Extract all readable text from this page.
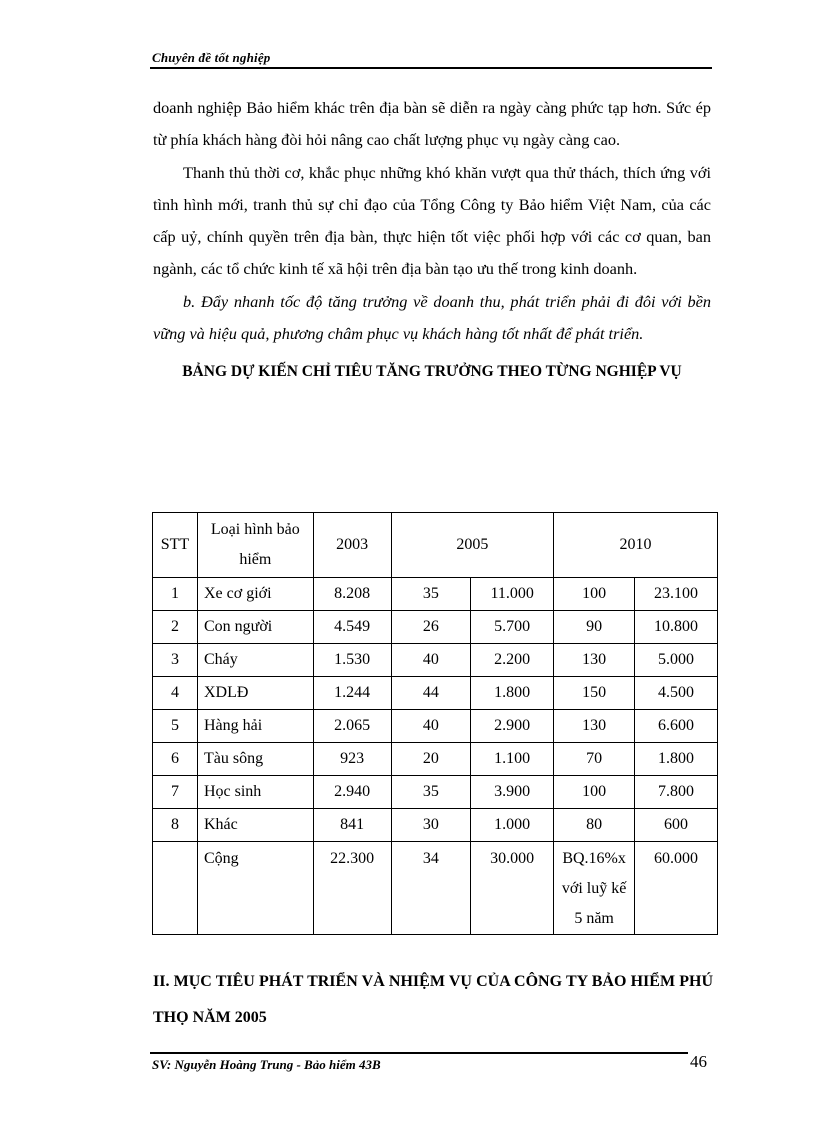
Chuyên đề tốt nghiệp

doanh nghiệp Bảo hiểm khác trên địa bàn sẽ diễn ra ngày càng phức tạp hơn. Sức ép từ phía khách hàng đòi hỏi nâng cao chất lượng phục vụ ngày càng cao.

Thanh thủ thời cơ, khắc phục những khó khăn vượt qua thử thách, thích ứng với tình hình mới, tranh thủ sự chỉ đạo của Tổng Công ty Bảo hiểm Việt Nam, của các cấp uỷ, chính quyền trên địa bàn, thực hiện tốt việc phối hợp với các cơ quan, ban ngành, các tổ chức kinh tế xã hội trên địa bàn tạo ưu thế trong kinh doanh.

b. Đẩy nhanh tốc độ tăng trưởng về doanh thu, phát triển phải đi đôi với bền vững và hiệu quả, phương châm phục vụ khách hàng tốt nhất để phát triển.

BẢNG DỰ KIẾN CHỈ TIÊU TĂNG TRƯỞNG THEO TỪNG NGHIỆP VỤ
STT	Loại hình bảo hiểm	2003	2005		2010	
1	Xe cơ giới	8.208	35	11.000	100	23.100
2	Con người	4.549	26	5.700	90	10.800
3	Cháy	1.530	40	2.200	130	5.000
4	XDLĐ	1.244	44	1.800	150	4.500
5	Hàng hải	2.065	40	2.900	130	6.600
6	Tàu sông	923	20	1.100	70	1.800
7	Học sinh	2.940	35	3.900	100	7.800
8	Khác	841	30	1.000	80	600
	Cộng	22.300	34	30.000	BQ.16%x với luỹ kế 5 năm	60.000

II. MỤC TIÊU PHÁT TRIỂN VÀ NHIỆM VỤ CỦA CÔNG TY BẢO HIỂM PHÚ THỌ NĂM 2005

SV: Nguyễn Hoàng Trung - Bảo hiểm 43B	46
